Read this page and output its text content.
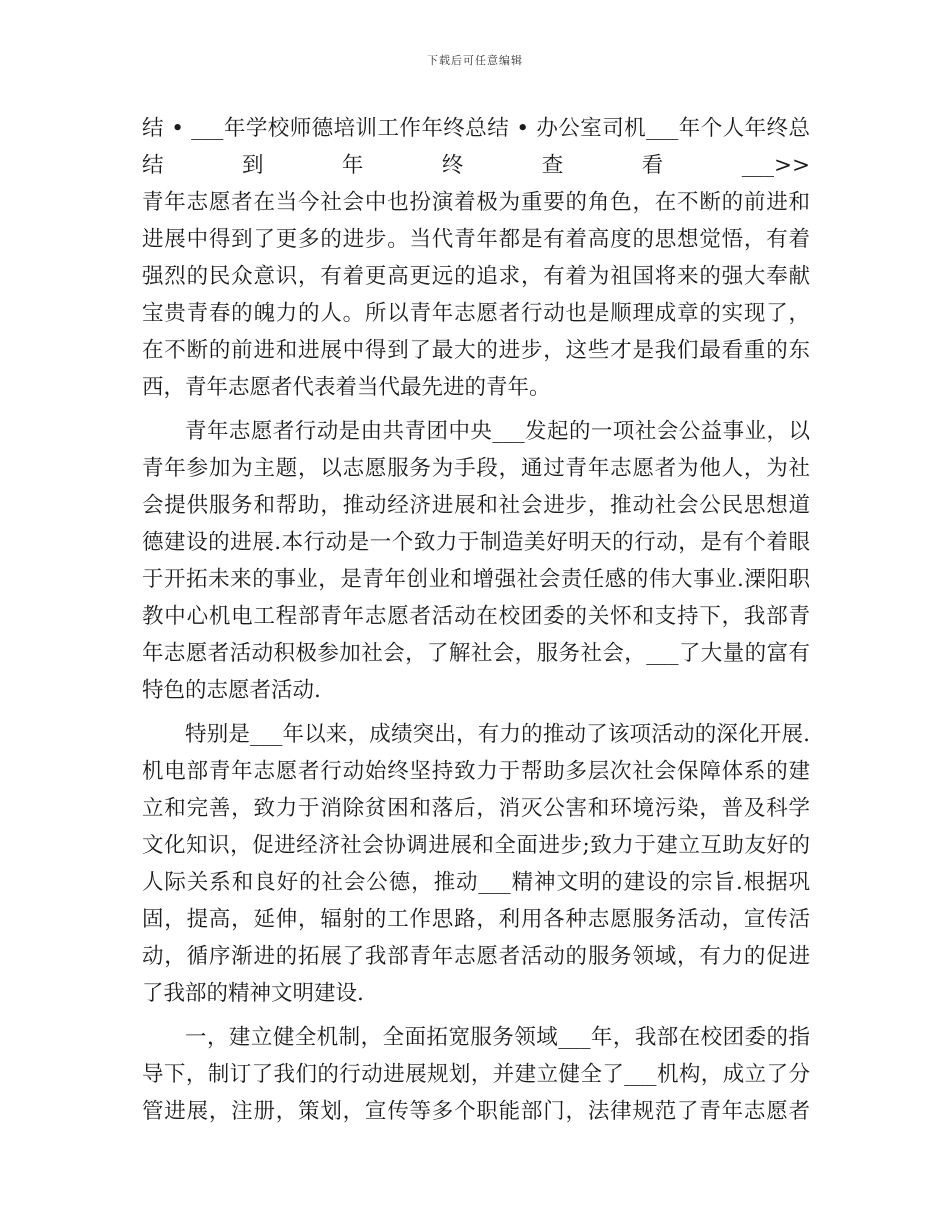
下载后可任意编辑
结 • ___年学校师德培训工作年终总结 • 办公室司机___年个人年终总
结 到 年 终 查 看 ___>>
青年志愿者在当今社会中也扮演着极为重要的角色，在不断的前进和
进展中得到了更多的进步。当代青年都是有着高度的思想觉悟，有着
强烈的民众意识，有着更高更远的追求，有着为祖国将来的强大奉献
宝贵青春的魄力的人。所以青年志愿者行动也是顺理成章的实现了，
在不断的前进和进展中得到了最大的进步，这些才是我们最看重的东
西，青年志愿者代表着当代最先进的青年。
青年志愿者行动是由共青团中央___发起的一项社会公益事业，以
青年参加为主题，以志愿服务为手段，通过青年志愿者为他人，为社
会提供服务和帮助，推动经济进展和社会进步，推动社会公民思想道
德建设的进展.本行动是一个致力于制造美好明天的行动，是有个着眼
于开拓未来的事业，是青年创业和增强社会责任感的伟大事业.溧阳职
教中心机电工程部青年志愿者活动在校团委的关怀和支持下，我部青
年志愿者活动积极参加社会，了解社会，服务社会，___了大量的富有
特色的志愿者活动.
特别是___年以来，成绩突出，有力的推动了该项活动的深化开展.
机电部青年志愿者行动始终坚持致力于帮助多层次社会保障体系的建
立和完善，致力于消除贫困和落后，消灭公害和环境污染，普及科学
文化知识，促进经济社会协调进展和全面进步;致力于建立互助友好的
人际关系和良好的社会公德，推动___精神文明的建设的宗旨.根据巩
固，提高，延伸，辐射的工作思路，利用各种志愿服务活动，宣传活
动，循序渐进的拓展了我部青年志愿者活动的服务领域，有力的促进
了我部的精神文明建设.
一，建立健全机制，全面拓宽服务领域___年，我部在校团委的指
导下，制订了我们的行动进展规划，并建立健全了___机构，成立了分
管进展，注册，策划，宣传等多个职能部门，法律规范了青年志愿者
